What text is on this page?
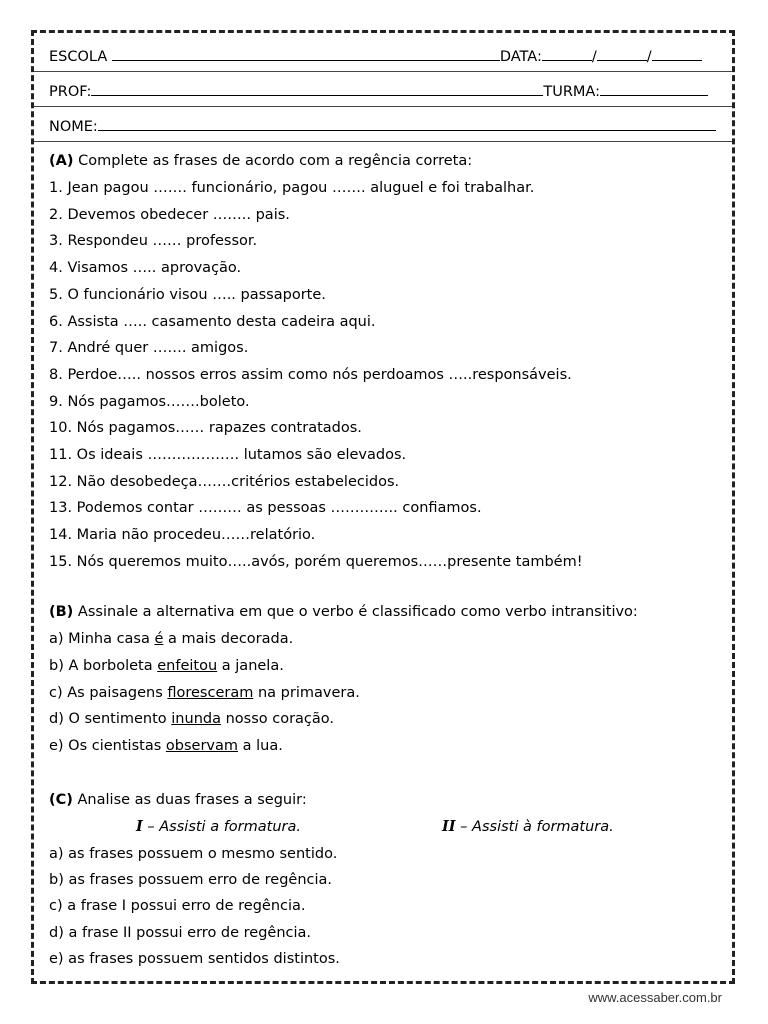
ESCOLA	DATA:	/	/
PROF:	TURMA:
NOME:
(A) Complete as frases de acordo com a regência correta:
1. Jean pagou ……. funcionário, pagou ……. aluguel e foi trabalhar.
2. Devemos obedecer …….. pais.
3. Respondeu …… professor.
4. Visamos ….. aprovação.
5. O funcionário visou ….. passaporte.
6. Assista ….. casamento desta cadeira aqui.
7. André quer ……. amigos.
8. Perdoe….. nossos erros assim como nós perdoamos …..responsáveis.
9. Nós pagamos…….boleto.
10. Nós pagamos…… rapazes contratados.
11. Os ideais ………………. lutamos são elevados.
12. Não desobedeça…….critérios estabelecidos.
13. Podemos contar ……… as pessoas ………….. confiamos.
14. Maria não procedeu……relatório.
15. Nós queremos muito…..avós, porém queremos……presente também!
(B) Assinale a alternativa em que o verbo é classificado como verbo intransitivo:
a) Minha casa é a mais decorada.
b) A borboleta enfeitou a janela.
c) As paisagens floresceram na primavera.
d) O sentimento inunda nosso coração.
e) Os cientistas observam a lua.
(C) Analise as duas frases a seguir:
I – Assisti a formatura.	II – Assisti à formatura.
a) as frases possuem o mesmo sentido.
b) as frases possuem erro de regência.
c) a frase I possui erro de regência.
d) a frase II possui erro de regência.
e) as frases possuem sentidos distintos.
www.acessaber.com.br
